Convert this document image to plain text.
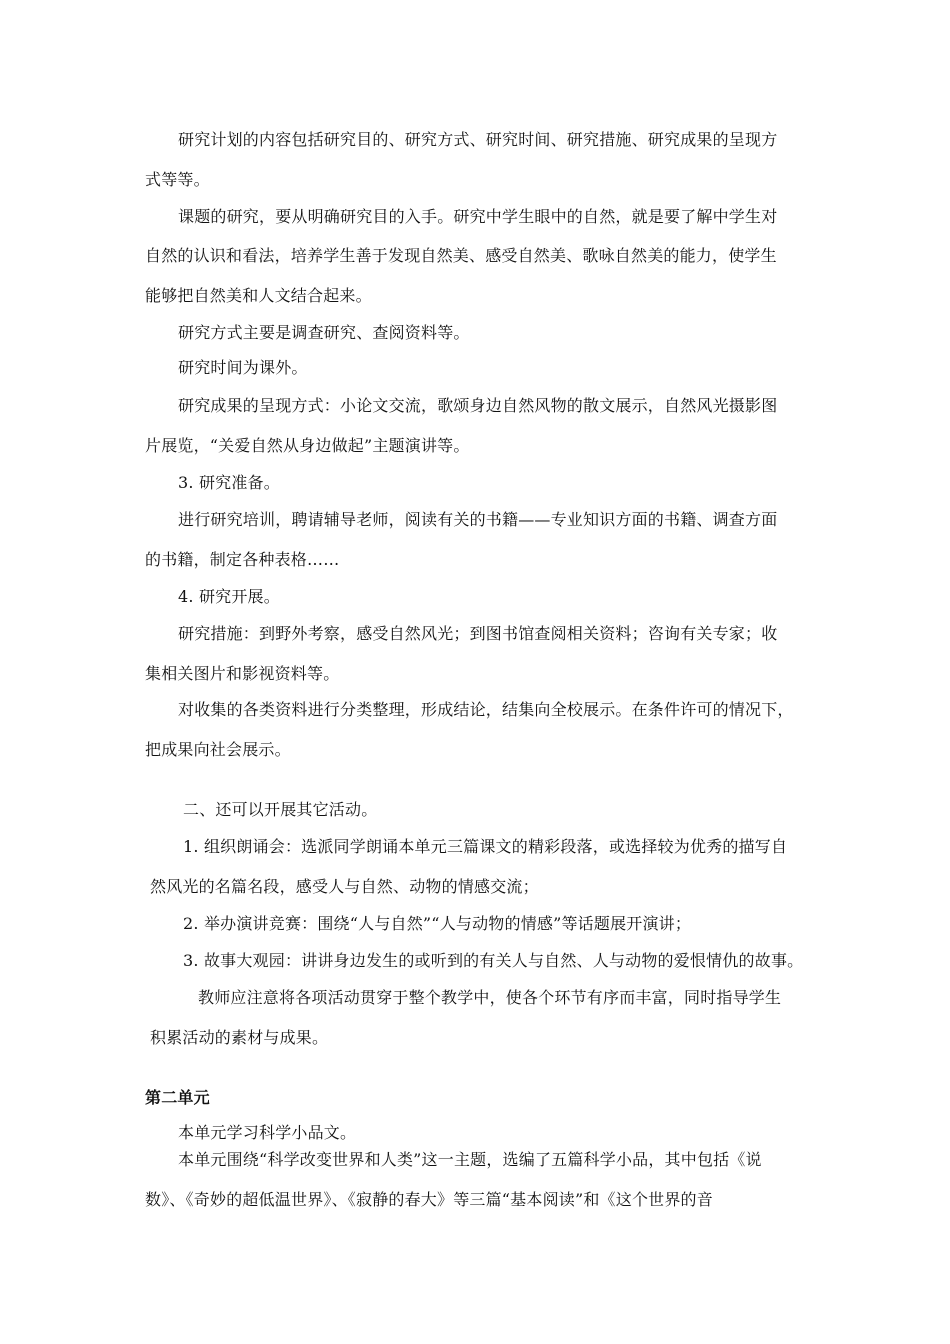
研究计划的内容包括研究目的、研究方式、研究时间、研究措施、研究成果的呈现方
式等等。
课题的研究，要从明确研究目的入手。研究中学生眼中的自然，就是要了解中学生对
自然的认识和看法，培养学生善于发现自然美、感受自然美、歌咏自然美的能力，使学生
能够把自然美和人文结合起来。
研究方式主要是调查研究、查阅资料等。
研究时间为课外。
研究成果的呈现方式：小论文交流，歌颂身边自然风物的散文展示，自然风光摄影图
片展览，“关爱自然从身边做起”主题演讲等。
3. 研究准备。
进行研究培训，聘请辅导老师，阅读有关的书籍——专业知识方面的书籍、调查方面
的书籍，制定各种表格……
4. 研究开展。
研究措施：到野外考察，感受自然风光；到图书馆查阅相关资料；咨询有关专家；收
集相关图片和影视资料等。
对收集的各类资料进行分类整理，形成结论，结集向全校展示。在条件许可的情况下，
把成果向社会展示。
二、还可以开展其它活动。
1. 组织朗诵会：选派同学朗诵本单元三篇课文的精彩段落，或选择较为优秀的描写自
然风光的名篇名段，感受人与自然、动物的情感交流；
2. 举办演讲竞赛：围绕“人与自然”“人与动物的情感”等话题展开演讲；
3. 故事大观园：讲讲身边发生的或听到的有关人与自然、人与动物的爱恨情仇的故事。
教师应注意将各项活动贯穿于整个教学中，使各个环节有序而丰富，同时指导学生
积累活动的素材与成果。
第二单元
本单元学习科学小品文。
本单元围绕“科学改变世界和人类”这一主题，选编了五篇科学小品，其中包括《说
数》、《奇妙的超低温世界》、《寂静的春大》等三篇“基本阅读”和《这个世界的音
